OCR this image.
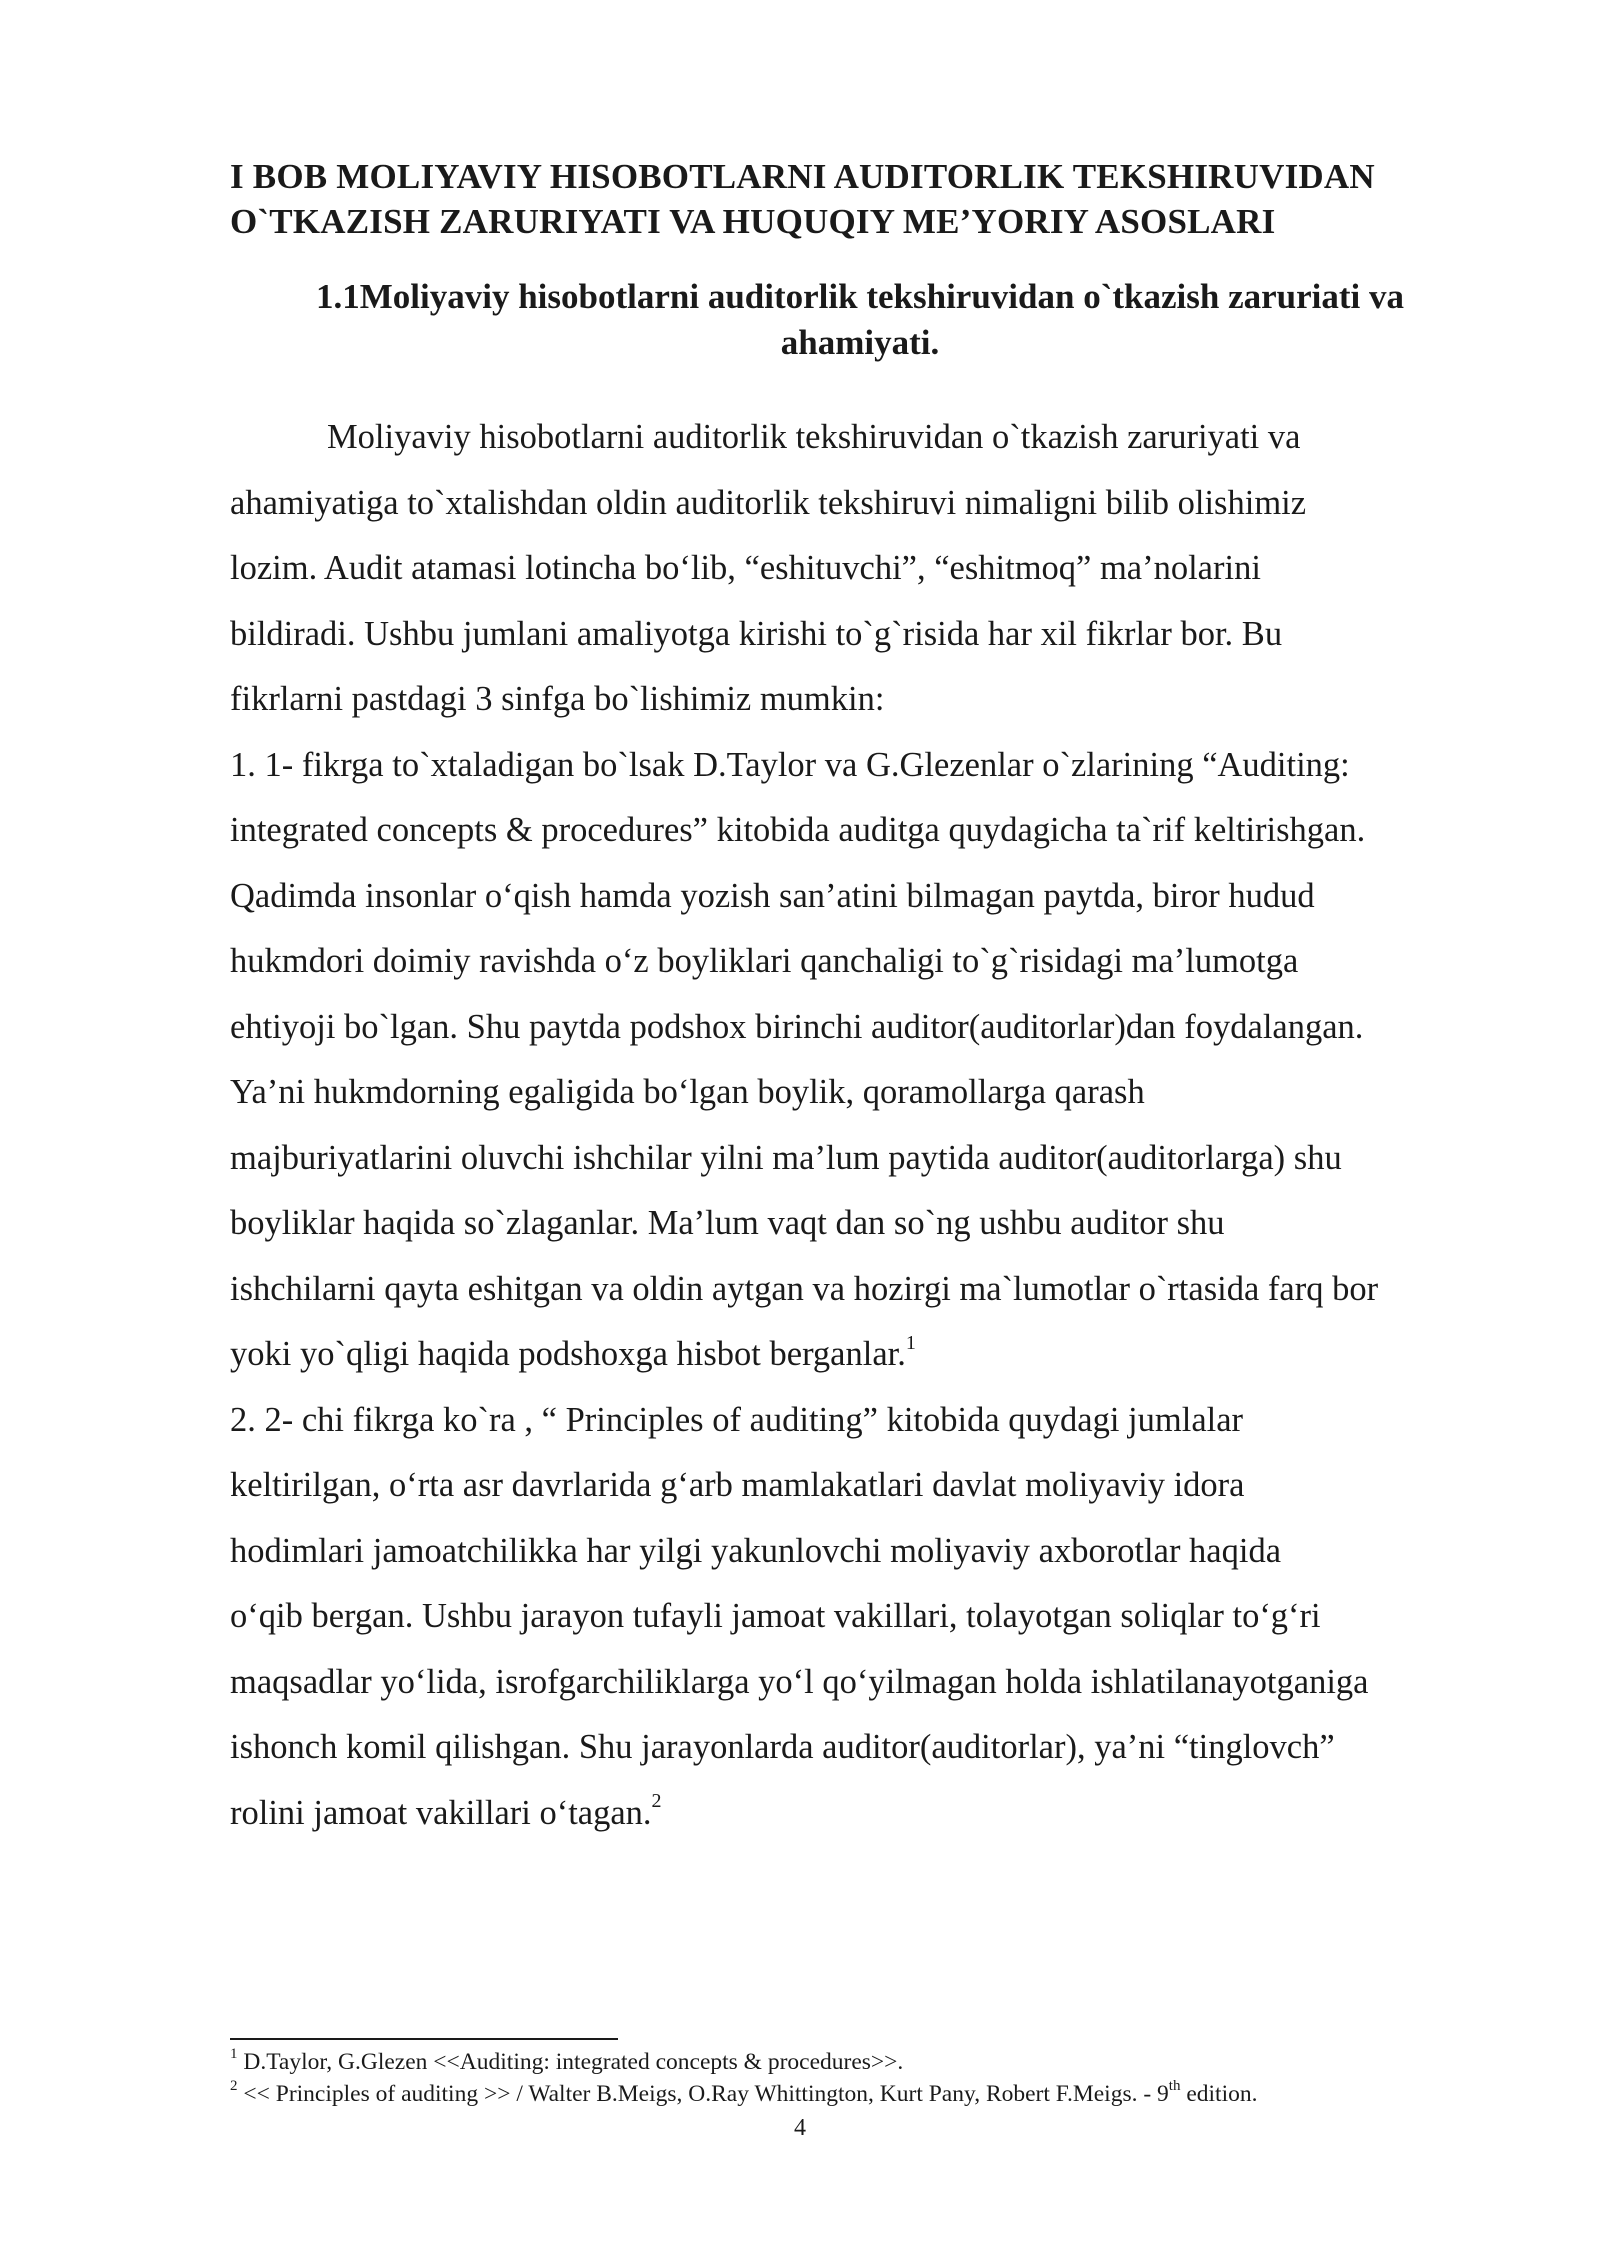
I BOB MOLIYAVIY HISOBOTLARNI AUDITORLIK TEKSHIRUVIDAN
O`TKAZISH ZARURIYATI VA HUQUQIY ME’YORIY ASOSLARI
1.1Moliyaviy hisobotlarni auditorlik tekshiruvidan o`tkazish zaruriati va
ahamiyati.
Moliyaviy hisobotlarni auditorlik tekshiruvidan o`tkazish zaruriyati va
ahamiyatiga to`xtalishdan oldin auditorlik tekshiruvi nimaligni bilib olishimiz
lozim. Audit atamasi lotincha bo‘lib, “eshituvchi”, “eshitmoq” ma’nolarini
bildiradi. Ushbu jumlani amaliyotga kirishi to`g`risida har xil fikrlar bor. Bu
fikrlarni pastdagi 3 sinfga bo`lishimiz mumkin:
1. 1- fikrga to`xtaladigan bo`lsak D.Taylor va G.Glezenlar o`zlarining “Auditing:
integrated concepts & procedures” kitobida auditga quydagicha ta`rif keltirishgan.
Qadimda insonlar o‘qish hamda yozish san’atini bilmagan paytda, biror hudud
hukmdori doimiy ravishda o‘z boyliklari qanchaligi to`g`risidagi ma’lumotga
ehtiyoji bo`lgan. Shu paytda podshox birinchi auditor(auditorlar)dan foydalangan.
Ya’ni hukmdorning egaligida bo‘lgan boylik, qoramollarga qarash
majburiyatlarini oluvchi ishchilar yilni ma’lum paytida auditor(auditorlarga) shu
boyliklar haqida so`zlaganlar. Ma’lum vaqt dan so`ng ushbu auditor shu
ishchilarni qayta eshitgan va oldin aytgan va hozirgi ma`lumotlar o`rtasida farq bor
yoki yo`qligi haqida podshoxga hisbot berganlar.$^1$
2. 2- chi fikrga ko`ra , “ Principles of auditing” kitobida quydagi jumlalar
keltirilgan, o‘rta asr davrlarida g‘arb mamlakatlari davlat moliyaviy idora
hodimlari jamoatchilikka har yilgi yakunlovchi moliyaviy axborotlar haqida
o‘qib bergan. Ushbu jarayon tufayli jamoat vakillari, tolayotgan soliqlar to‘g‘ri
maqsadlar yo‘lida, isrofgarchiliklarga yo‘l qo‘yilmagan holda ishlatilanayotganiga
ishonch komil qilishgan. Shu jarayonlarda auditor(auditorlar), ya’ni “tinglovch”
rolini jamoat vakillari o‘tagan.$^2$
$^1$ D.Taylor, G.Glezen <<Auditing: integrated concepts & procedures>>.
$^2$ << Principles of auditing >> / Walter B.Meigs, O.Ray Whittington, Kurt Pany, Robert F.Meigs. - 9th edition.
4
